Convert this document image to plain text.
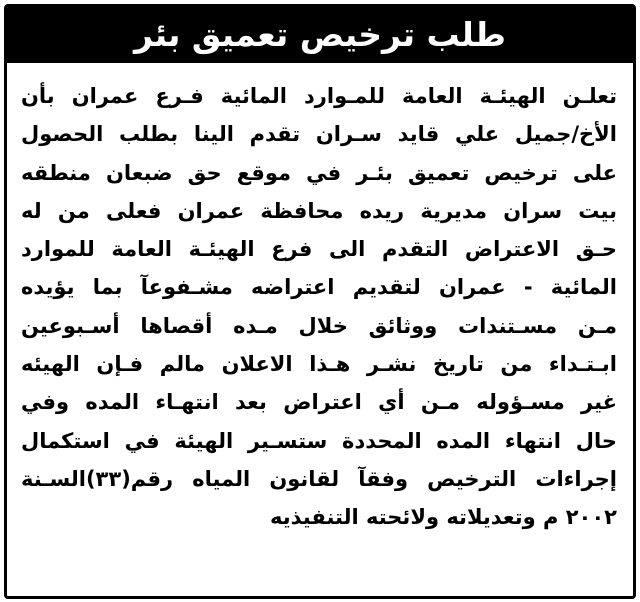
طلب ترخيص تعميق بئر
تعلـن الهيئـة العامة للمـوارد المائية فـرع عمران بأن
الأخ/جميل علي قايد سـران تقدم الينا بطلب الحصول
على ترخيص تعميق بئـر في موقع حق ضبعان منطقه
بيت سران مديرية ريده محافظة عمران فعلى من له
حـق الاعتراض التقدم الى فرع الهيئـة العامة للموارد
المائية - عمران لتقديم اعتراضه مشـفوعآ بما يؤيده
مـن مسـتندات ووثائق خلال مـده أقصاها أسـبوعين
ابـتـداء من تاريخ نشـر هـذا الاعلان مالم فـإن الهيئه
غير مسـؤوله مـن أي اعتراض بعد انتهـاء المده وفي
حال انتهاء المده المحددة ستسـير الهيئة في استكمال
إجراءات الترخيص وفقآ لقانون المياه رقم(٣٣)السـنة
٢٠٠٢ م وتعديلاته ولائحته التنفيذيه
